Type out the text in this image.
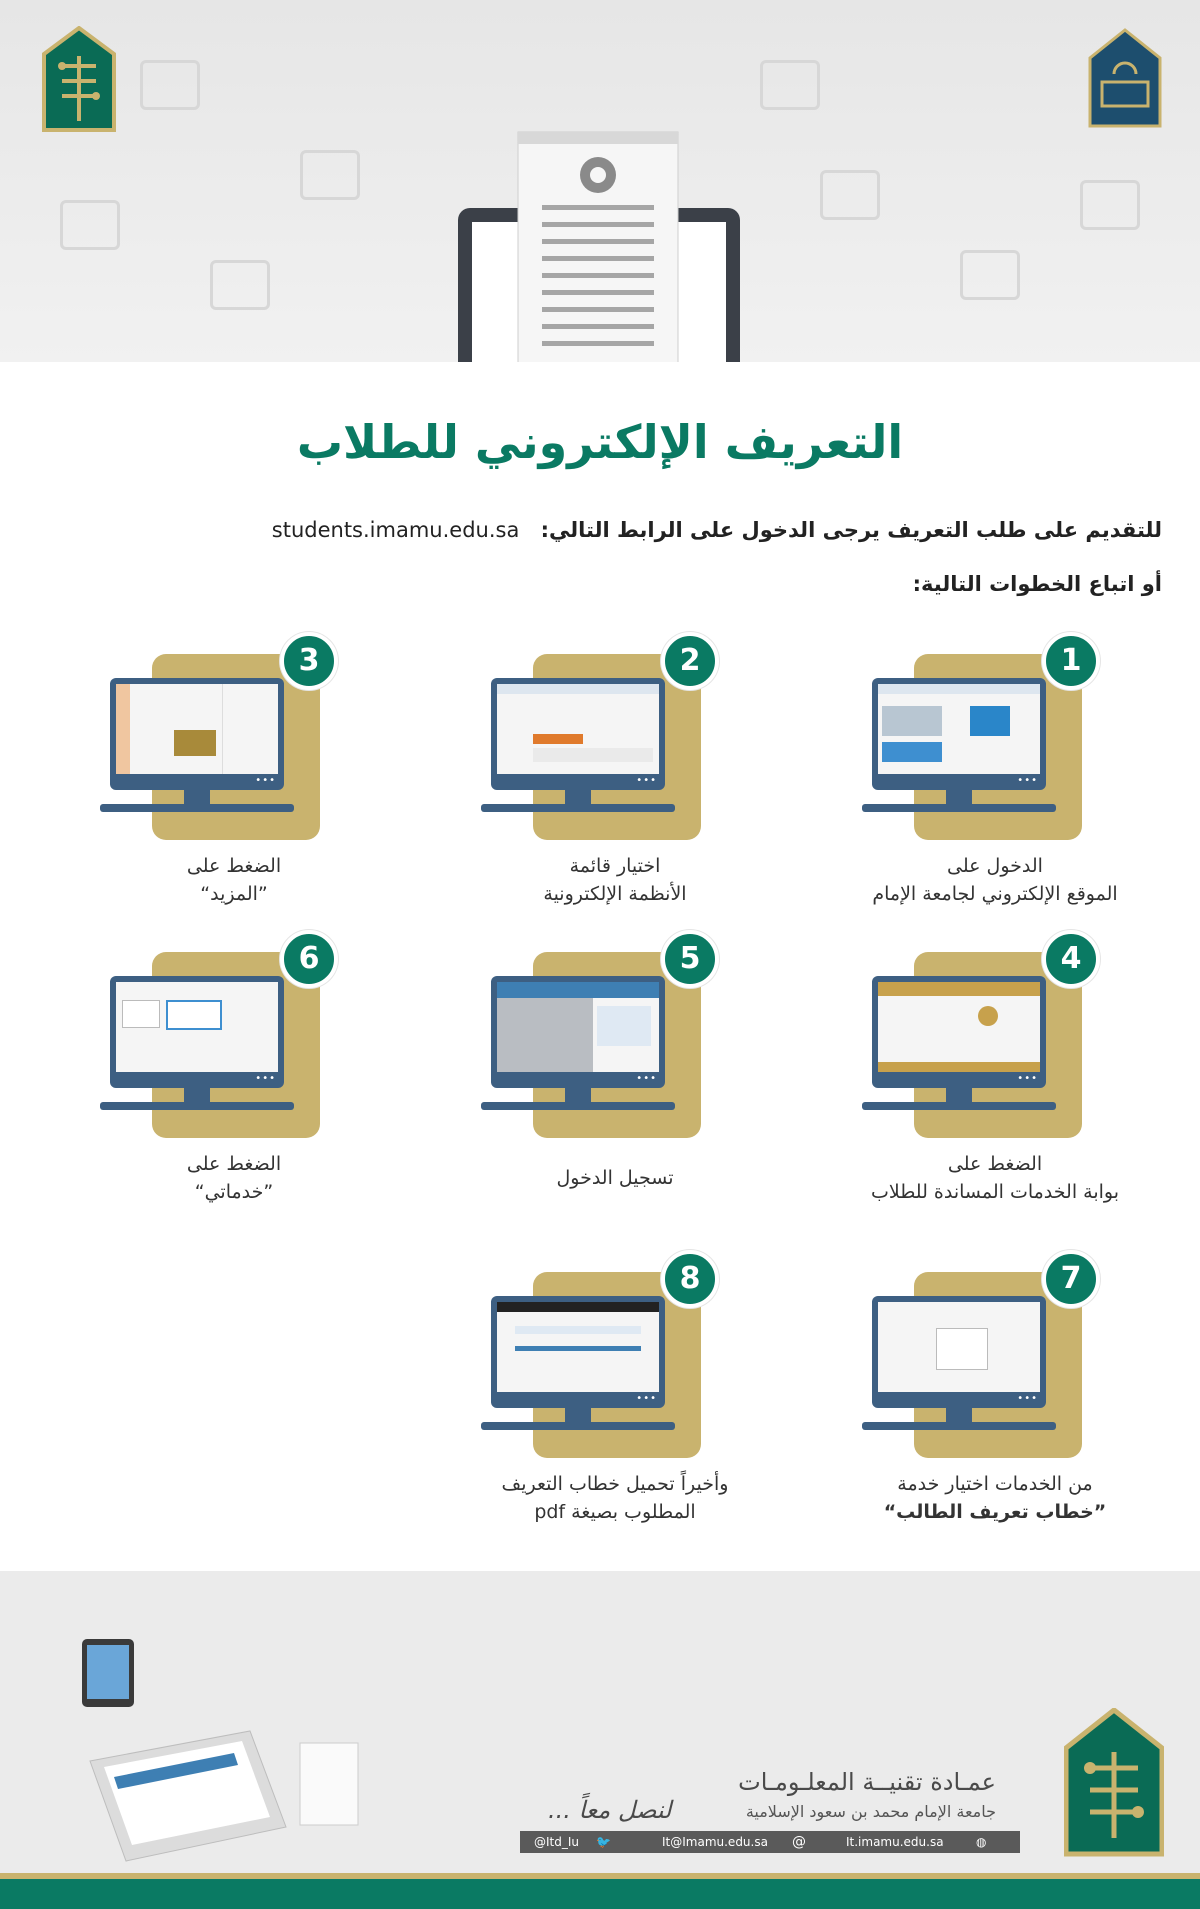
التعريف الإلكتروني للطلاب
للتقديم على طلب التعريف يرجى الدخول على الرابط التالي: students.imamu.edu.sa
أو اتباع الخطوات التالية:
•••
1
الدخول على
الموقع الإلكتروني لجامعة الإمام
•••
2
اختيار قائمة
الأنظمة الإلكترونية
•••
3
الضغط على
”المزيد“
•••
4
الضغط على
بوابة الخدمات المساندة للطلاب
•••
5
تسجيل الدخول
•••
6
الضغط على
”خدماتي“
•••
7
من الخدمات اختيار خدمة
”خطاب تعريف الطالب“
•••
8
وأخيراً تحميل خطاب التعريف
المطلوب بصيغة pdf
عمـادة تقنيــة المعلـومـات
جامعة الإمام محمد بن سعود الإسلامية
لنصل معاً ...
@Itd_Iu 🐦	It@Imamu.edu.sa @	It.imamu.edu.sa	◍
